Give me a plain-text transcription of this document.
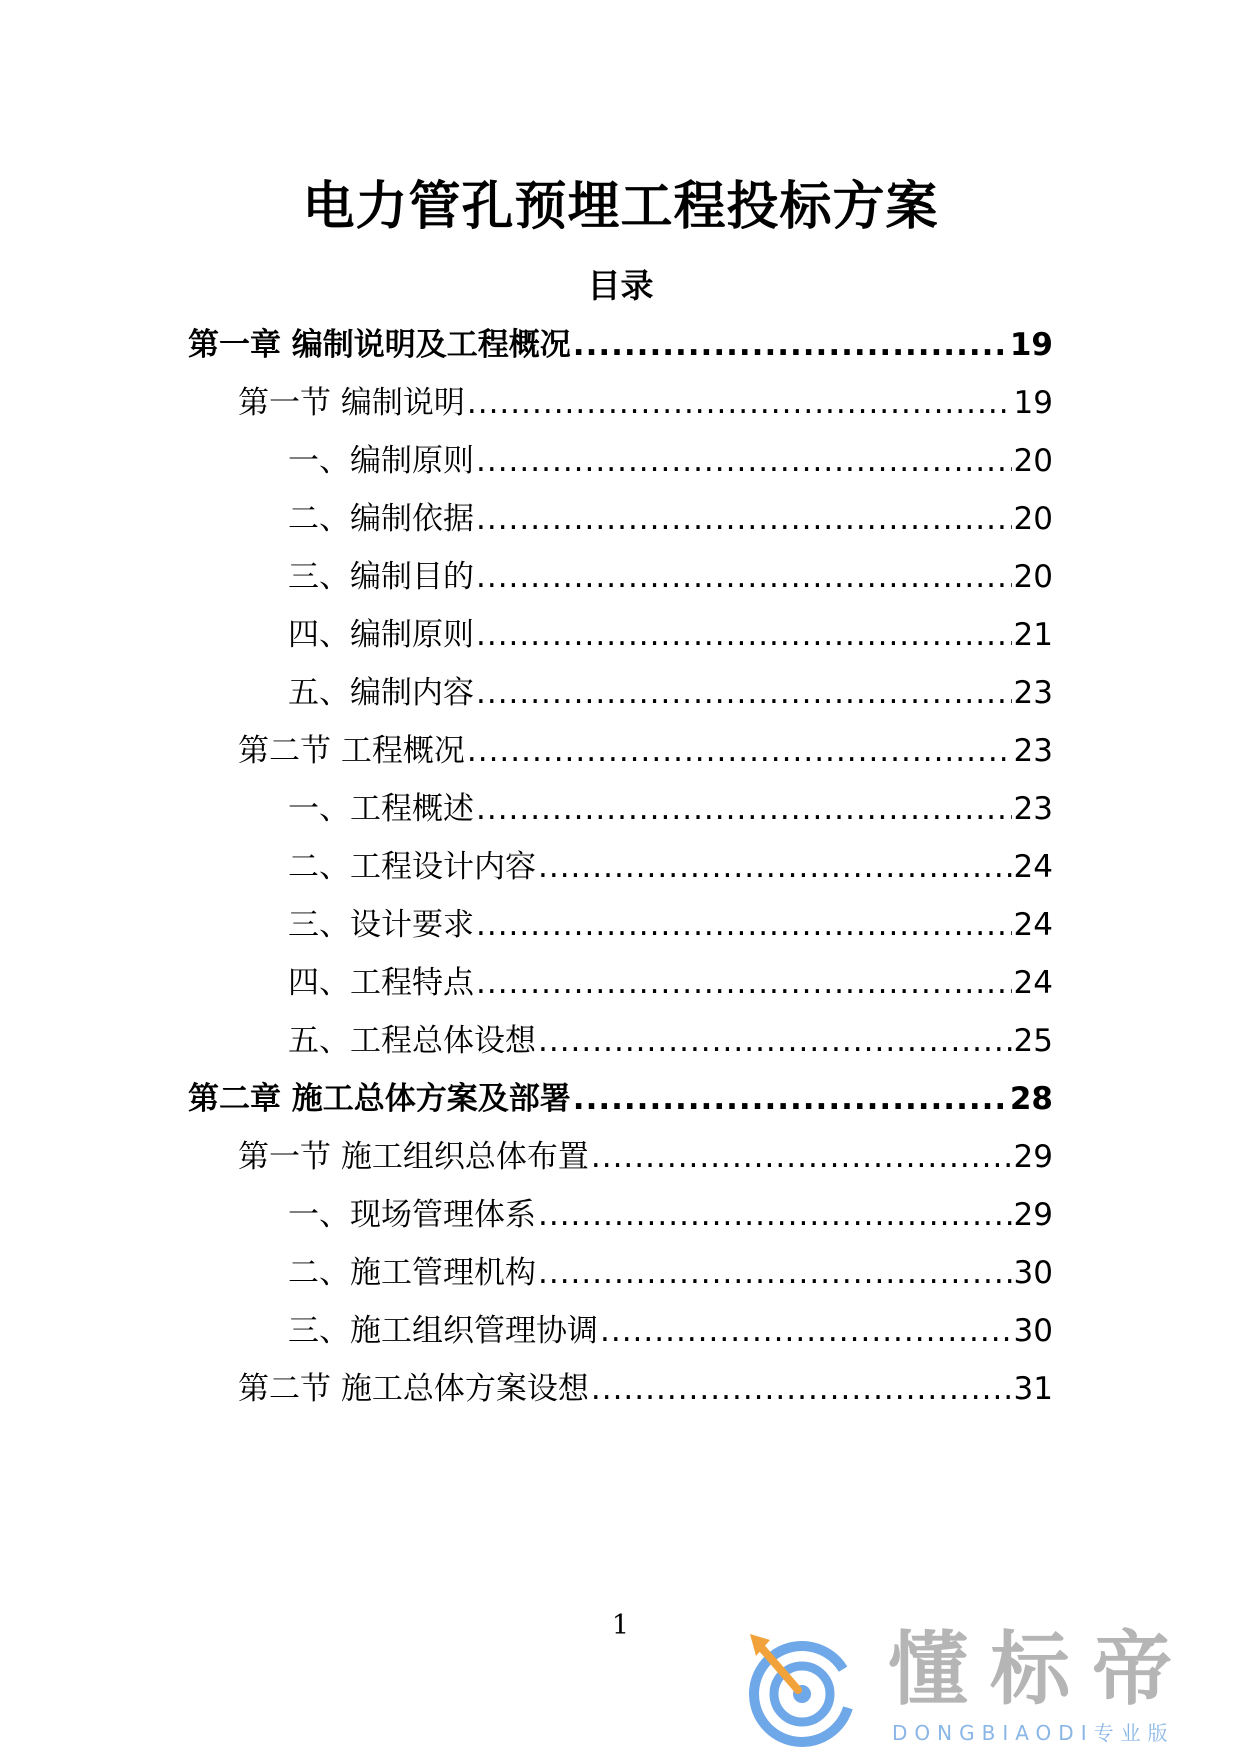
电力管孔预埋工程投标方案
目录
第一章 编制说明及工程概况 .....	19
第一节 编制说明 .....	19
一、编制原则 .....	20
二、编制依据 .....	20
三、编制目的 .....	20
四、编制原则 .....	21
五、编制内容 .....	23
第二节 工程概况 .....	23
一、工程概述 .....	23
二、工程设计内容 .....	24
三、设计要求 .....	24
四、工程特点 .....	24
五、工程总体设想 .....	25
第二章 施工总体方案及部署 .....	28
第一节 施工组织总体布置 .....	29
一、现场管理体系 .....	29
二、施工管理机构 .....	30
三、施工组织管理协调 .....	30
第二节 施工总体方案设想 .....	31
1	懂标帝
DONGBIAODI专业版
